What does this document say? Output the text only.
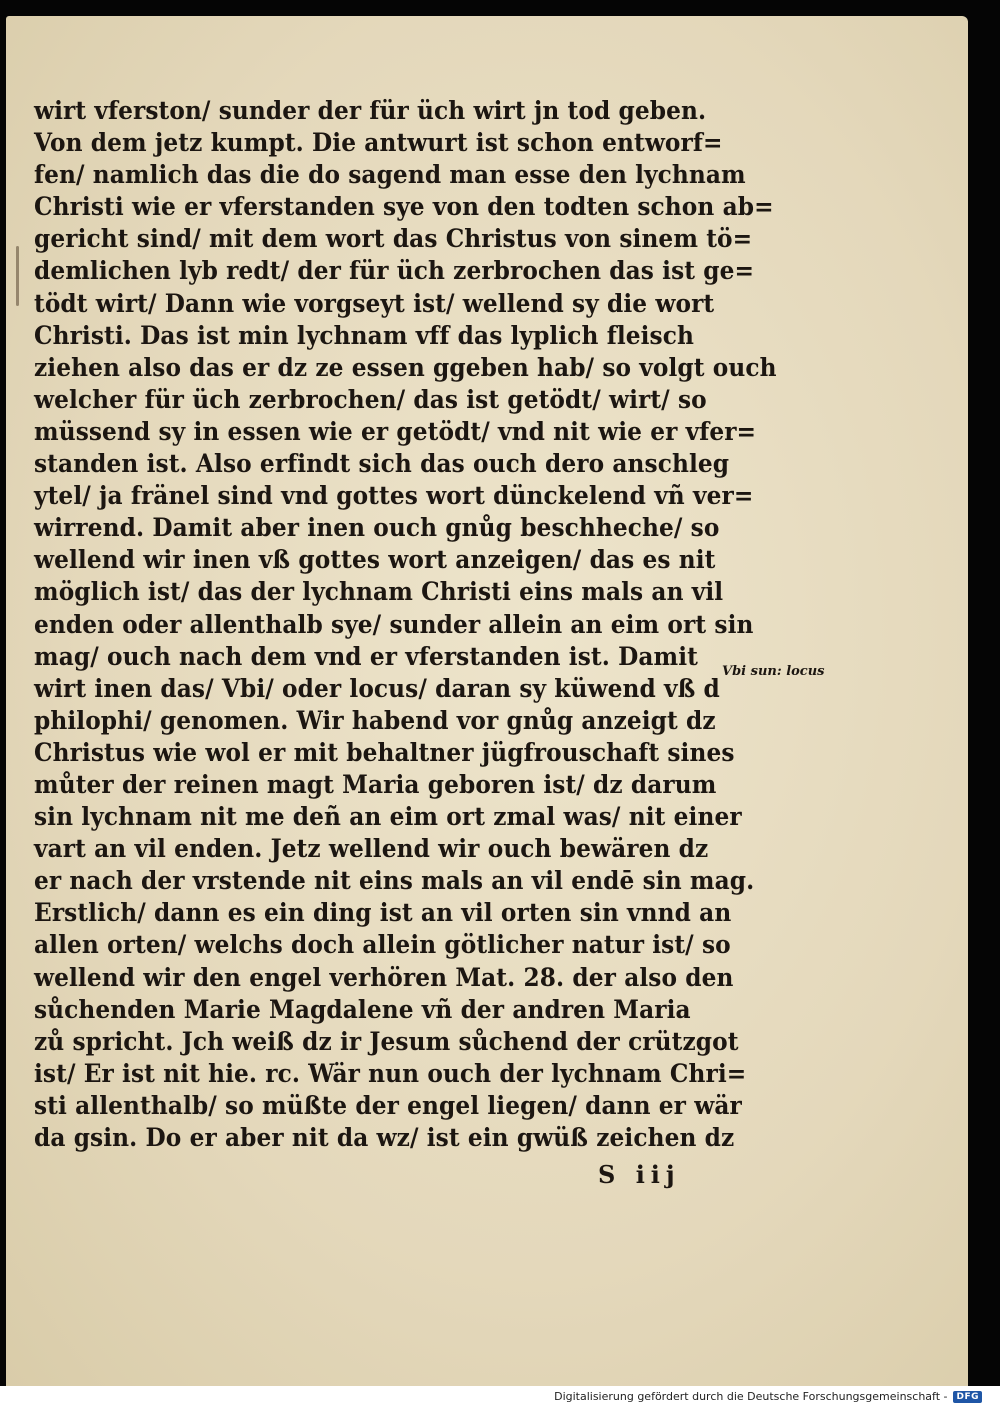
wirt vferston/ sunder der für üch wirt jn tod geben.
Von dem jetz kumpt. Die antwurt ist schon entworf=
fen/ namlich das die do sagend man esse den lychnam
Christi wie er vferstanden sye von den todten schon ab=
gericht sind/ mit dem wort das Christus von sinem tö=
demlichen lyb redt/ der für üch zerbrochen das ist ge=
tödt wirt/ Dann wie vorgseyt ist/ wellend sy die wort
Christi. Das ist min lychnam vff das lyplich fleisch
ziehen also das er dz ze essen ggeben hab/ so volgt ouch
welcher für üch zerbrochen/ das ist getödt/ wirt/ so
müssend sy in essen wie er getödt/ vnd nit wie er vfer=
standen ist. Also erfindt sich das ouch dero anschleg
ytel/ ja fränel sind vnd gottes wort dünckelend vñ ver=
wirrend. Damit aber inen ouch gnůg beschheche/ so
wellend wir inen vß gottes wort anzeigen/ das es nit
möglich ist/ das der lychnam Christi eins mals an vil
enden oder allenthalb sye/ sunder allein an eim ort sin
mag/ ouch nach dem vnd er vferstanden ist. Damit
wirt inen das/ Vbi/ oder locus/ daran sy küwend vß d
philophi/ genomen. Wir habend vor gnůg anzeigt dz
Christus wie wol er mit behaltner jügfrouschaft sines
můter der reinen magt Maria geboren ist/ dz darum
sin lychnam nit me deñ an eim ort zmal was/ nit einer
vart an vil enden. Jetz wellend wir ouch bewären dz
er nach der vrstende nit eins mals an vil endē sin mag.
Erstlich/ dann es ein ding ist an vil orten sin vnnd an
allen orten/ welchs doch allein götlicher natur ist/ so
wellend wir den engel verhören Mat. 28. der also den
sůchenden Marie Magdalene vñ der andren Maria
zů spricht. Jch weiß dz ir Jesum sůchend der crützgot
ist/ Er ist nit hie. rc. Wär nun ouch der lychnam Chri=
sti allenthalb/ so müßte der engel liegen/ dann er wär
da gsin. Do er aber nit da wz/ ist ein gwüß zeichen dz
Vbi sun: locus
S iij
Digitalisierung gefördert durch die Deutsche Forschungsgemeinschaft -	DFG
